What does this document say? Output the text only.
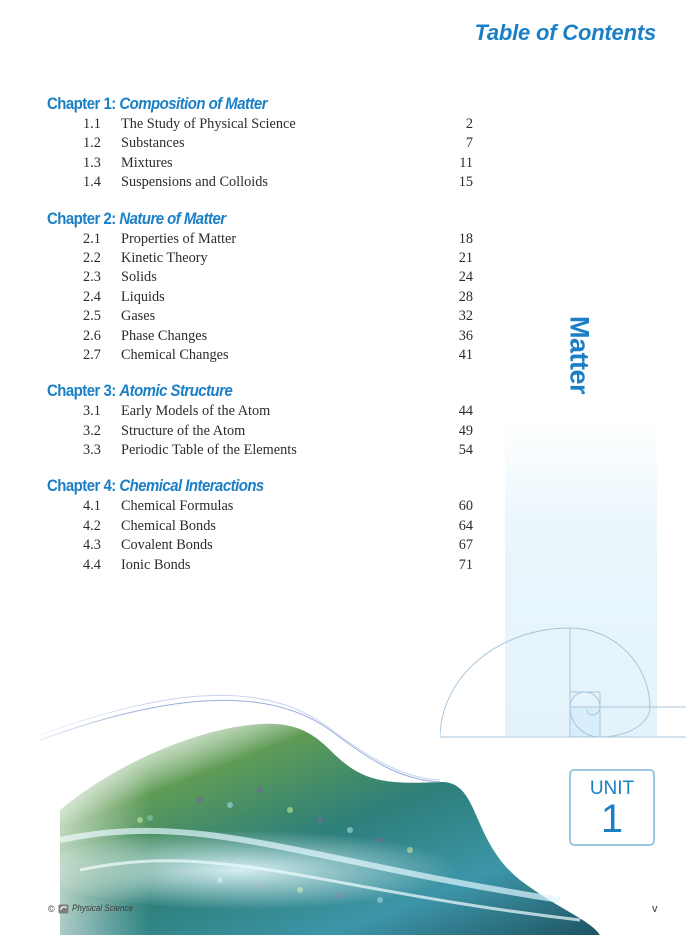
Table of Contents
Chapter 1: Composition of Matter
1.1	The Study of Physical Science	2
1.2	Substances	7
1.3	Mixtures	11
1.4	Suspensions and Colloids	15
Chapter 2: Nature of Matter
2.1	Properties of Matter	18
2.2	Kinetic Theory	21
2.3	Solids	24
2.4	Liquids	28
2.5	Gases	32
2.6	Phase Changes	36
2.7	Chemical Changes	41
Chapter 3: Atomic Structure
3.1	Early Models of the Atom	44
3.2	Structure of the Atom	49
3.3	Periodic Table of the Elements	54
Chapter 4: Chemical Interactions
4.1	Chemical Formulas	60
4.2	Chemical Bonds	64
4.3	Covalent Bonds	67
4.4	Ionic Bonds	71
Matter
UNIT
1
© Physical Science	v
